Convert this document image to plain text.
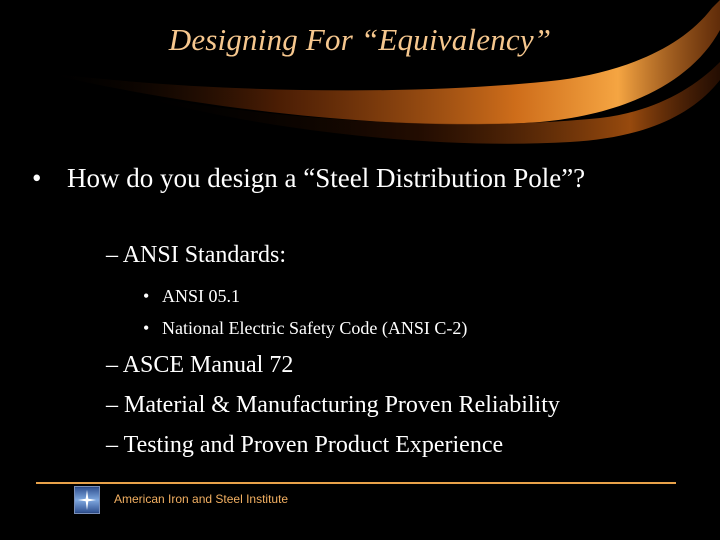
Designing For “Equivalency”
• How do you design a “Steel Distribution Pole”?
– ANSI Standards:
• ANSI 05.1
• National Electric Safety Code (ANSI C-2)
– ASCE Manual 72
– Material & Manufacturing Proven Reliability
– Testing and Proven Product Experience
American Iron and Steel Institute
